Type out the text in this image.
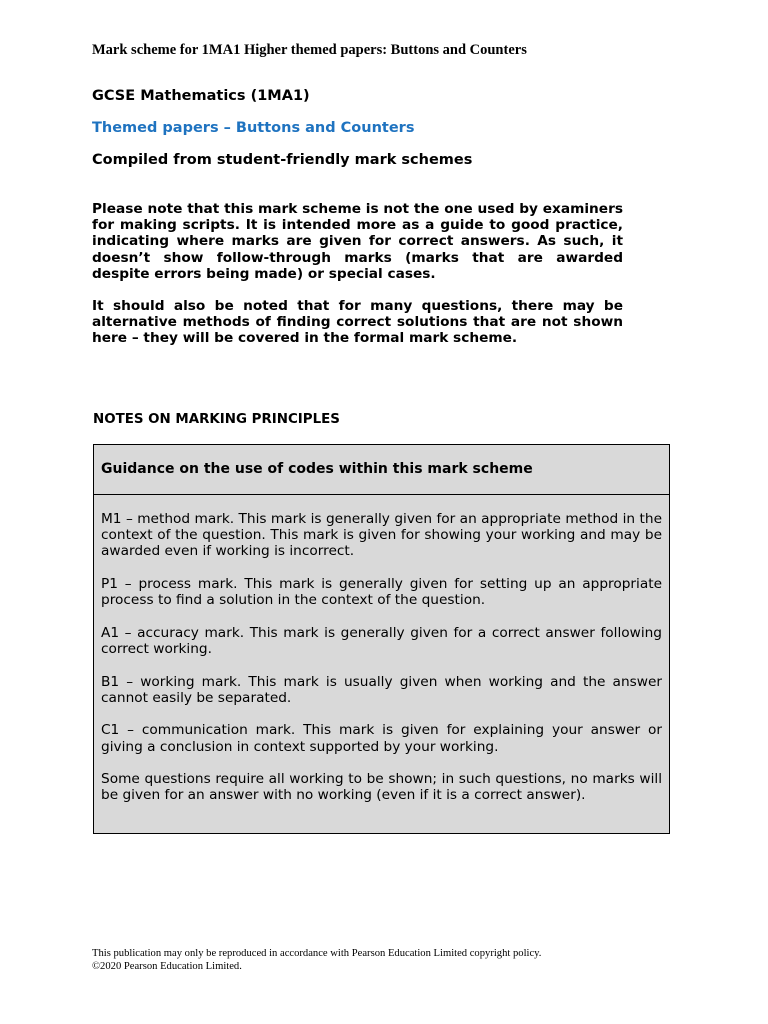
Mark scheme for 1MA1 Higher themed papers: Buttons and Counters
GCSE Mathematics (1MA1)
Themed papers – Buttons and Counters
Compiled from student-friendly mark schemes

Please note that this mark scheme is not the one used by examiners for making scripts. It is intended more as a guide to good practice, indicating where marks are given for correct answers. As such, it doesn’t show follow-through marks (marks that are awarded despite errors being made) or special cases.

It should also be noted that for many questions, there may be alternative methods of finding correct solutions that are not shown here – they will be covered in the formal mark scheme.

NOTES ON MARKING PRINCIPLES
Guidance on the use of codes within this mark scheme

M1 – method mark. This mark is generally given for an appropriate method in the context of the question. This mark is given for showing your working and may be awarded even if working is incorrect.

P1 – process mark. This mark is generally given for setting up an appropriate process to find a solution in the context of the question.

A1 – accuracy mark. This mark is generally given for a correct answer following correct working.

B1 – working mark. This mark is usually given when working and the answer cannot easily be separated.

C1 – communication mark. This mark is given for explaining your answer or giving a conclusion in context supported by your working.

Some questions require all working to be shown; in such questions, no marks will be given for an answer with no working (even if it is a correct answer).

This publication may only be reproduced in accordance with Pearson Education Limited copyright policy.
©2020 Pearson Education Limited.
